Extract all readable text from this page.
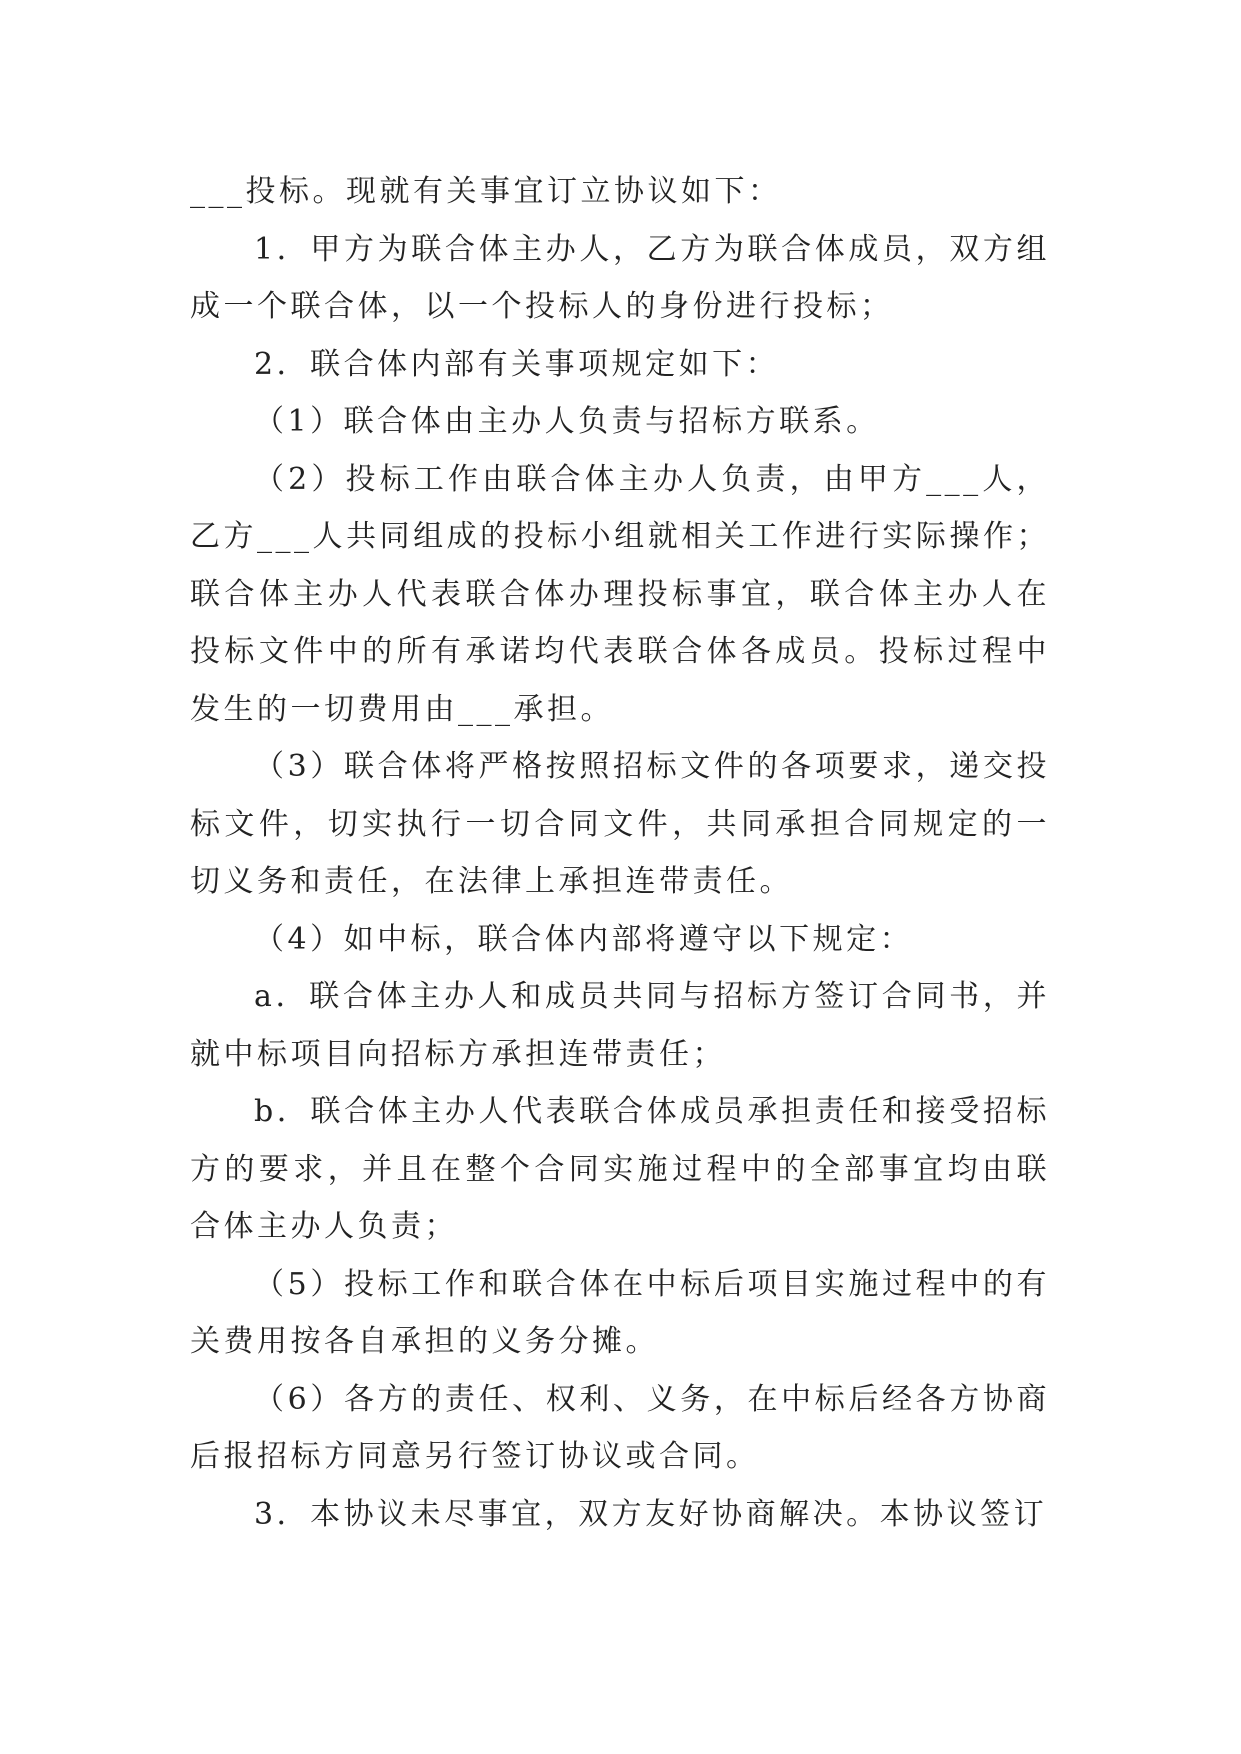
___投标。现就有关事宜订立协议如下：

1．甲方为联合体主办人，乙方为联合体成员，双方组成一个联合体，以一个投标人的身份进行投标；

2．联合体内部有关事项规定如下：

（1）联合体由主办人负责与招标方联系。

（2）投标工作由联合体主办人负责，由甲方___人，乙方___人共同组成的投标小组就相关工作进行实际操作；联合体主办人代表联合体办理投标事宜，联合体主办人在投标文件中的所有承诺均代表联合体各成员。投标过程中发生的一切费用由___承担。

（3）联合体将严格按照招标文件的各项要求，递交投标文件，切实执行一切合同文件，共同承担合同规定的一切义务和责任，在法律上承担连带责任。

（4）如中标，联合体内部将遵守以下规定：

a．联合体主办人和成员共同与招标方签订合同书，并就中标项目向招标方承担连带责任；

b．联合体主办人代表联合体成员承担责任和接受招标方的要求，并且在整个合同实施过程中的全部事宜均由联合体主办人负责；

（5）投标工作和联合体在中标后项目实施过程中的有关费用按各自承担的义务分摊。

（6）各方的责任、权利、义务，在中标后经各方协商后报招标方同意另行签订协议或合同。

3．本协议未尽事宜，双方友好协商解决。本协议签订
